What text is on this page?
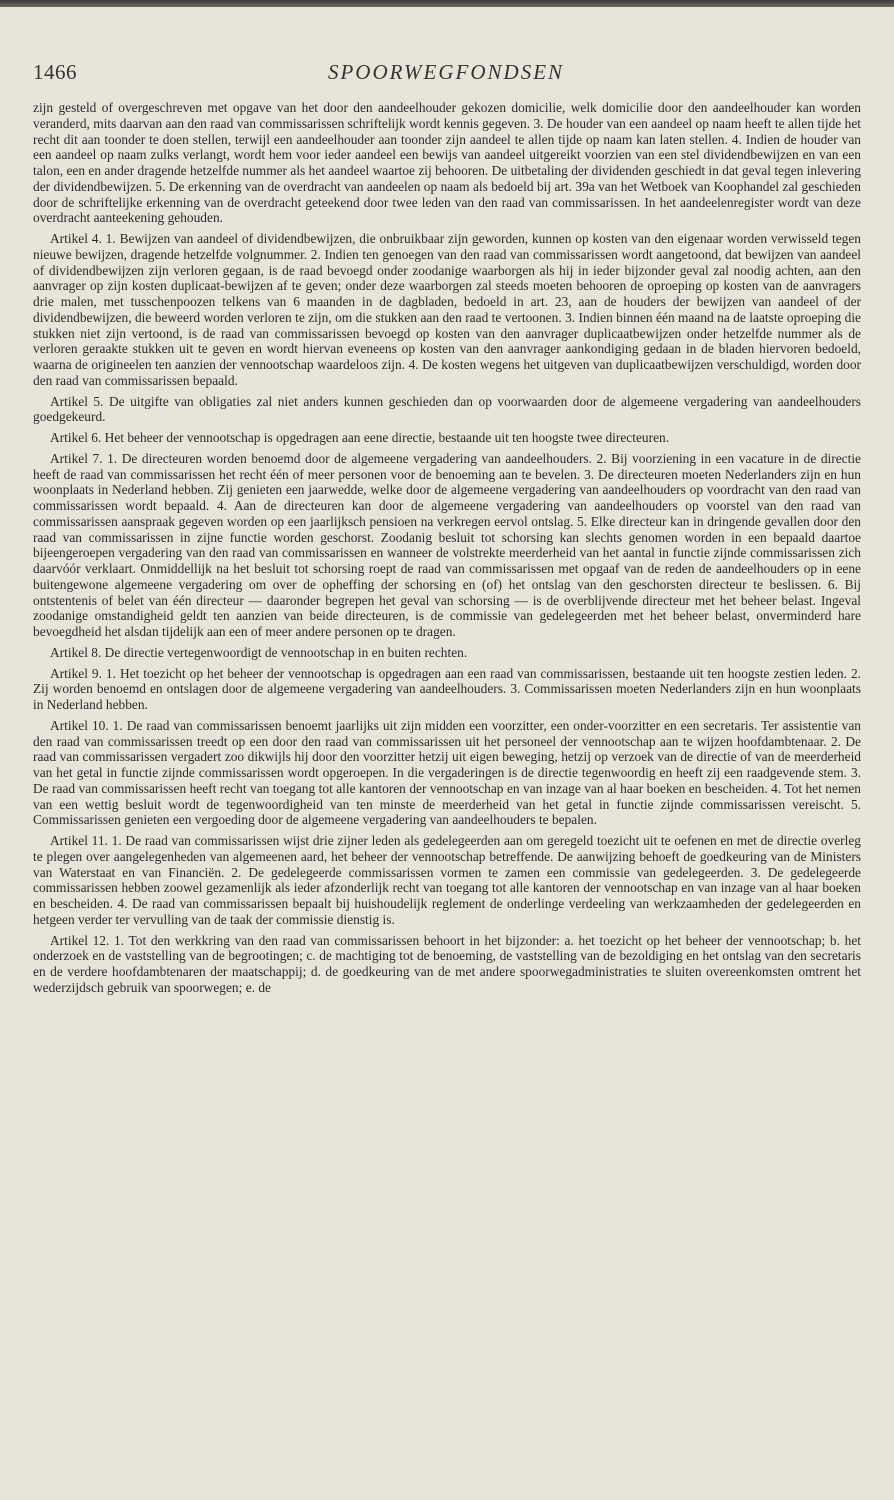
1466	SPOORWEGFONDSEN

zijn gesteld of overgeschreven met opgave van het door den aandeelhouder gekozen domicilie, welk domicilie door den aandeelhouder kan worden veranderd, mits daarvan aan den raad van commissarissen schriftelijk wordt kennis gegeven. 3. De houder van een aandeel op naam heeft te allen tijde het recht dit aan toonder te doen stellen, terwijl een aandeelhouder aan toonder zijn aandeel te allen tijde op naam kan laten stellen. 4. Indien de houder van een aandeel op naam zulks verlangt, wordt hem voor ieder aandeel een bewijs van aandeel uitgereikt voorzien van een stel dividendbewijzen en van een talon, een en ander dragende hetzelfde nummer als het aandeel waartoe zij behooren. De uitbetaling der dividenden geschiedt in dat geval tegen inlevering der dividendbewijzen. 5. De erkenning van de overdracht van aandeelen op naam als bedoeld bij art. 39a van het Wetboek van Koophandel zal geschieden door de schriftelijke erkenning van de overdracht geteekend door twee leden van den raad van commissarissen. In het aandeelenregister wordt van deze overdracht aanteekening gehouden.

Artikel 4. 1. Bewijzen van aandeel of dividendbewijzen, die onbruikbaar zijn geworden, kunnen op kosten van den eigenaar worden verwisseld tegen nieuwe bewijzen, dragende hetzelfde volgnummer. 2. Indien ten genoegen van den raad van commissarissen wordt aangetoond, dat bewijzen van aandeel of dividendbewijzen zijn verloren gegaan, is de raad bevoegd onder zoodanige waarborgen als hij in ieder bijzonder geval zal noodig achten, aan den aanvrager op zijn kosten duplicaat-bewijzen af te geven; onder deze waarborgen zal steeds moeten behooren de oproeping op kosten van de aanvragers drie malen, met tusschenpoozen telkens van 6 maanden in de dagbladen, bedoeld in art. 23, aan de houders der bewijzen van aandeel of der dividendbewijzen, die beweerd worden verloren te zijn, om die stukken aan den raad te vertoonen. 3. Indien binnen één maand na de laatste oproeping die stukken niet zijn vertoond, is de raad van commissarissen bevoegd op kosten van den aanvrager duplicaatbewijzen onder hetzelfde nummer als de verloren geraakte stukken uit te geven en wordt hiervan eveneens op kosten van den aanvrager aankondiging gedaan in de bladen hiervoren bedoeld, waarna de origineelen ten aanzien der vennootschap waardeloos zijn. 4. De kosten wegens het uitgeven van duplicaatbewijzen verschuldigd, worden door den raad van commissarissen bepaald.

Artikel 5. De uitgifte van obligaties zal niet anders kunnen geschieden dan op voorwaarden door de algemeene vergadering van aandeelhouders goedgekeurd.

Artikel 6. Het beheer der vennootschap is opgedragen aan eene directie, bestaande uit ten hoogste twee directeuren.

Artikel 7. 1. De directeuren worden benoemd door de algemeene vergadering van aandeelhouders. 2. Bij voorziening in een vacature in de directie heeft de raad van commissarissen het recht één of meer personen voor de benoeming aan te bevelen. 3. De directeuren moeten Nederlanders zijn en hun woonplaats in Nederland hebben. Zij genieten een jaarwedde, welke door de algemeene vergadering van aandeelhouders op voordracht van den raad van commissarissen wordt bepaald. 4. Aan de directeuren kan door de algemeene vergadering van aandeelhouders op voorstel van den raad van commissarissen aanspraak gegeven worden op een jaarlijksch pensioen na verkregen eervol ontslag. 5. Elke directeur kan in dringende gevallen door den raad van commissarissen in zijne functie worden geschorst. Zoodanig besluit tot schorsing kan slechts genomen worden in een bepaald daartoe bijeengeroepen vergadering van den raad van commissarissen en wanneer de volstrekte meerderheid van het aantal in functie zijnde commissarissen zich daarvóór verklaart. Onmiddellijk na het besluit tot schorsing roept de raad van commissarissen met opgaaf van de reden de aandeelhouders op in eene buitengewone algemeene vergadering om over de opheffing der schorsing en (of) het ontslag van den geschorsten directeur te beslissen. 6. Bij ontstentenis of belet van één directeur — daaronder begrepen het geval van schorsing — is de overblijvende directeur met het beheer belast. Ingeval zoodanige omstandigheid geldt ten aanzien van beide directeuren, is de commissie van gedelegeerden met het beheer belast, onverminderd hare bevoegdheid het alsdan tijdelijk aan een of meer andere personen op te dragen.

Artikel 8. De directie vertegenwoordigt de vennootschap in en buiten rechten.

Artikel 9. 1. Het toezicht op het beheer der vennootschap is opgedragen aan een raad van commissarissen, bestaande uit ten hoogste zestien leden. 2. Zij worden benoemd en ontslagen door de algemeene vergadering van aandeelhouders. 3. Commissarissen moeten Nederlanders zijn en hun woonplaats in Nederland hebben.

Artikel 10. 1. De raad van commissarissen benoemt jaarlijks uit zijn midden een voorzitter, een onder-voorzitter en een secretaris. Ter assistentie van den raad van commissarissen treedt op een door den raad van commissarissen uit het personeel der vennootschap aan te wijzen hoofdambtenaar. 2. De raad van commissarissen vergadert zoo dikwijls hij door den voorzitter hetzij uit eigen beweging, hetzij op verzoek van de directie of van de meerderheid van het getal in functie zijnde commissarissen wordt opgeroepen. In die vergaderingen is de directie tegenwoordig en heeft zij een raadgevende stem. 3. De raad van commissarissen heeft recht van toegang tot alle kantoren der vennootschap en van inzage van al haar boeken en bescheiden. 4. Tot het nemen van een wettig besluit wordt de tegenwoordigheid van ten minste de meerderheid van het getal in functie zijnde commissarissen vereischt. 5. Commissarissen genieten een vergoeding door de algemeene vergadering van aandeelhouders te bepalen.

Artikel 11. 1. De raad van commissarissen wijst drie zijner leden als gedelegeerden aan om geregeld toezicht uit te oefenen en met de directie overleg te plegen over aangelegenheden van algemeenen aard, het beheer der vennootschap betreffende. De aanwijzing behoeft de goedkeuring van de Ministers van Waterstaat en van Financiën. 2. De gedelegeerde commissarissen vormen te zamen een commissie van gedelegeerden. 3. De gedelegeerde commissarissen hebben zoowel gezamenlijk als ieder afzonderlijk recht van toegang tot alle kantoren der vennootschap en van inzage van al haar boeken en bescheiden. 4. De raad van commissarissen bepaalt bij huishoudelijk reglement de onderlinge verdeeling van werkzaamheden der gedelegeerden en hetgeen verder ter vervulling van de taak der commissie dienstig is.

Artikel 12. 1. Tot den werkkring van den raad van commissarissen behoort in het bijzonder: a. het toezicht op het beheer der vennootschap; b. het onderzoek en de vaststelling van de begrootingen; c. de machtiging tot de benoeming, de vaststelling van de bezoldiging en het ontslag van den secretaris en de verdere hoofdambtenaren der maatschappij; d. de goedkeuring van de met andere spoorwegadministraties te sluiten overeenkomsten omtrent het wederzijdsch gebruik van spoorwegen; e. de
